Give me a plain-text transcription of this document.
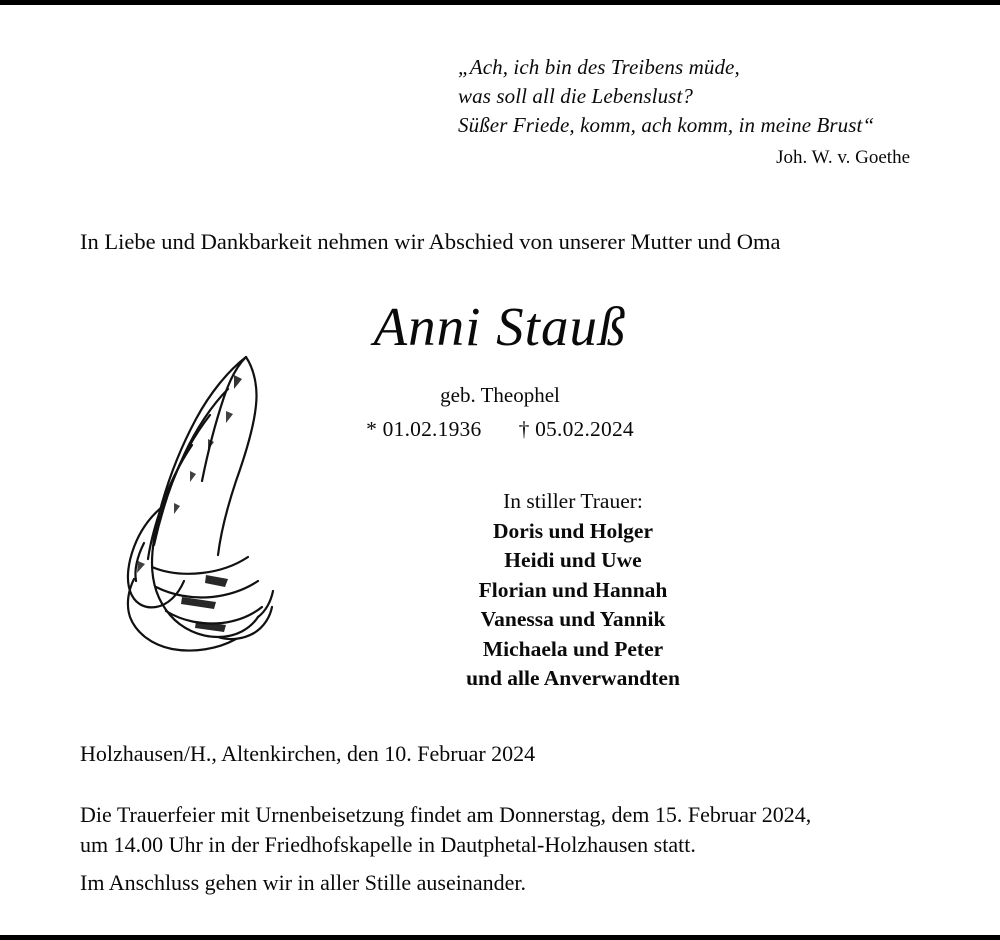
„Ach, ich bin des Treibens müde,
was soll all die Lebenslust?
Süßer Friede, komm, ach komm, in meine Brust“
Joh. W. v. Goethe
In Liebe und Dankbarkeit nehmen wir Abschied von unserer Mutter und Oma
Anni Stauß
geb. Theophel
* 01.02.1936 † 05.02.2024
In stiller Trauer:
Doris und Holger
Heidi und Uwe
Florian und Hannah
Vanessa und Yannik
Michaela und Peter
und alle Anverwandten
Holzhausen/H., Altenkirchen, den 10. Februar 2024
Die Trauerfeier mit Urnenbeisetzung findet am Donnerstag, dem 15. Februar 2024,
um 14.00 Uhr in der Friedhofskapelle in Dautphetal-Holzhausen statt.
Im Anschluss gehen wir in aller Stille auseinander.
